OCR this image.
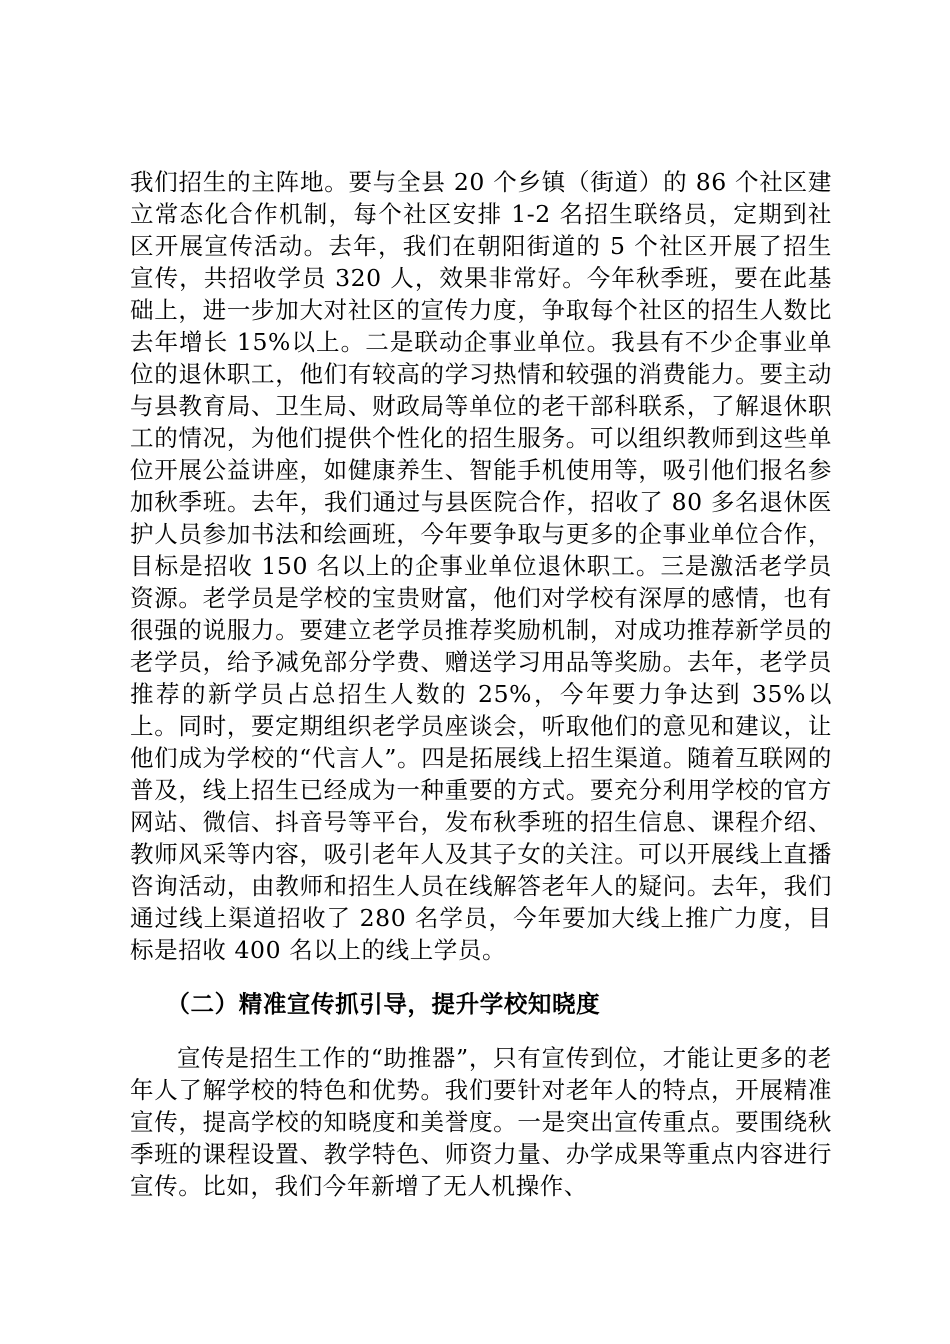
我们招生的主阵地。要与全县 20 个乡镇（街道）的 86 个社区建立常态化合作机制，每个社区安排 1-2 名招生联络员，定期到社区开展宣传活动。去年，我们在朝阳街道的 5 个社区开展了招生宣传，共招收学员 320 人，效果非常好。今年秋季班，要在此基础上，进一步加大对社区的宣传力度，争取每个社区的招生人数比去年增长 15%以上。二是联动企事业单位。我县有不少企事业单位的退休职工，他们有较高的学习热情和较强的消费能力。要主动与县教育局、卫生局、财政局等单位的老干部科联系，了解退休职工的情况，为他们提供个性化的招生服务。可以组织教师到这些单位开展公益讲座，如健康养生、智能手机使用等，吸引他们报名参加秋季班。去年，我们通过与县医院合作，招收了 80 多名退休医护人员参加书法和绘画班，今年要争取与更多的企事业单位合作，目标是招收 150 名以上的企事业单位退休职工。三是激活老学员资源。老学员是学校的宝贵财富，他们对学校有深厚的感情，也有很强的说服力。要建立老学员推荐奖励机制，对成功推荐新学员的老学员，给予减免部分学费、赠送学习用品等奖励。去年，老学员推荐的新学员占总招生人数的 25%，今年要力争达到 35%以上。同时，要定期组织老学员座谈会，听取他们的意见和建议，让他们成为学校的“代言人”。四是拓展线上招生渠道。随着互联网的普及，线上招生已经成为一种重要的方式。要充分利用学校的官方网站、微信、抖音号等平台，发布秋季班的招生信息、课程介绍、教师风采等内容，吸引老年人及其子女的关注。可以开展线上直播咨询活动，由教师和招生人员在线解答老年人的疑问。去年，我们通过线上渠道招收了 280 名学员，今年要加大线上推广力度，目标是招收 400 名以上的线上学员。

（二）精准宣传抓引导，提升学校知晓度

宣传是招生工作的“助推器”，只有宣传到位，才能让更多的老年人了解学校的特色和优势。我们要针对老年人的特点，开展精准宣传，提高学校的知晓度和美誉度。一是突出宣传重点。要围绕秋季班的课程设置、教学特色、师资力量、办学成果等重点内容进行宣传。比如，我们今年新增了无人机操作、
